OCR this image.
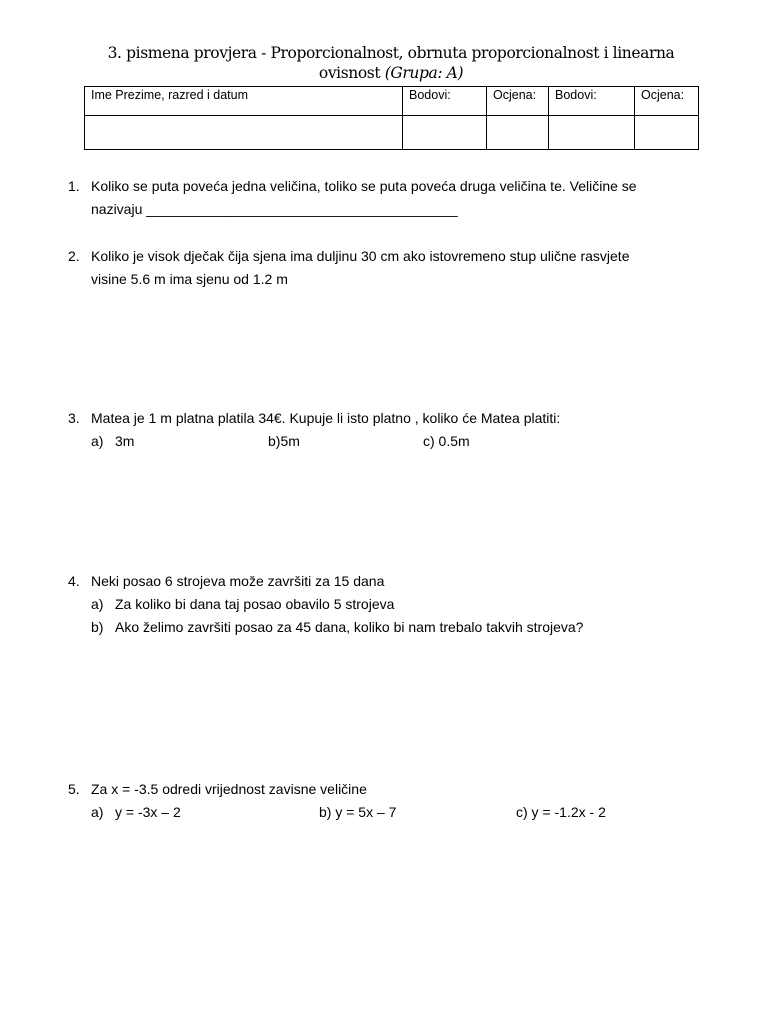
3. pismena provjera - Proporcionalnost, obrnuta proporcionalnost i linearna ovisnost (Grupa: A)
Ime Prezime, razred i datum	Bodovi:	Ocjena:	Bodovi:	Ocjena:

1. Koliko se puta poveća jedna veličina, toliko se puta poveća druga veličina te. Veličine se
nazivaju ________________________________________
2. Koliko je visok dječak čija sjena ima duljinu 30 cm ako istovremeno stup ulične rasvjete
visine 5.6 m ima sjenu od 1.2 m
3. Matea je 1 m platna platila 34€. Kupuje li isto platno , koliko će Matea platiti:
a) 3m	b)5m	c) 0.5m
4. Neki posao 6 strojeva može završiti za 15 dana
a) Za koliko bi dana taj posao obavilo 5 strojeva
b) Ako želimo završiti posao za 45 dana, koliko bi nam trebalo takvih strojeva?
5. Za x = -3.5 odredi vrijednost zavisne veličine
a) y = -3x – 2	b) y = 5x – 7	c) y = -1.2x - 2
